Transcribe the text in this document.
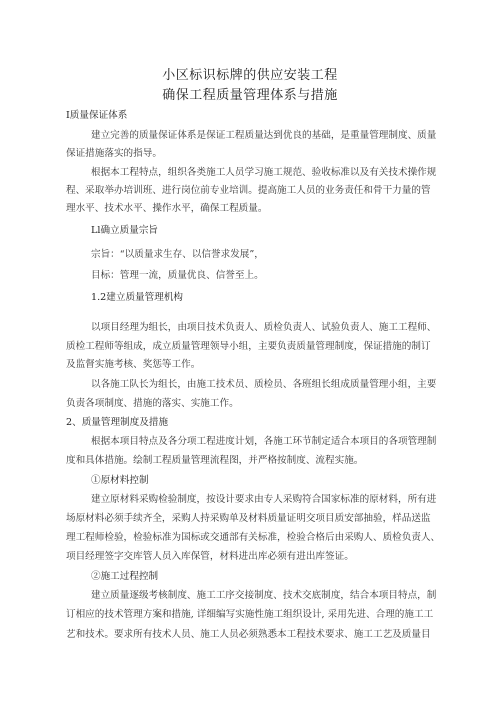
小区标识标牌的供应安装工程
确保工程质量管理体系与措施
I质量保证体系
建立完善的质量保证体系是保证工程质量达到优良的基础，是重量管理制度、质量
保证措施落实的指导。
根据本工程特点，组织各类施工人员学习施工规范、验收标准以及有关技术操作规
程、采取举办培训班、进行岗位前专业培训。提高施工人员的业务责任和骨干力量的管
理水平、技术水平、操作水平，确保工程质量。
Ll确立质量宗旨
宗旨：“以质量求生存、以信誉求发展”，
目标：管理一流，质量优良、信誉至上。
1.2建立质量管理机构
以项目经理为组长，由项目技术负责人、质检负责人、试验负责人、施工工程师、
质检工程师等组成，成立质量管理领导小组，主要负责质量管理制度，保证措施的制订
及监督实施考核、奖惩等工作。
以各施工队长为组长，由施工技术员、质检员、各班组长组成质量管理小组，主要
负责各项制度、措施的落实、实施工作。
2、质量管理制度及措施
根据本项目特点及各分项工程进度计划，各施工环节制定适合本项目的各项管理制
度和具体措施。绘制工程质量管理流程图，并严格按制度、流程实施。
①原材料控制
建立原材料采购检验制度，按设计要求由专人采购符合国家标准的原材料，所有进
场原材料必须手续齐全，采购人持采购单及材料质量证明交项目质安部抽验，样品送监
理工程师检验，检验标准为国标或交通部有关标准，检验合格后由采购人、质检负责人、
项目经理签字交库管人员入库保管，材料进出库必须有进出库签证。
②施工过程控制
建立质量逐级考核制度、施工工序交接制度、技术交底制度，结合本项目特点，制
订相应的技术管理方案和措施, 详细编写实施性施工组织设计, 采用先进、合理的施工工
艺和技术。要求所有技术人员、施工人员必须熟悉本工程技术要求、施工工艺及质量目
